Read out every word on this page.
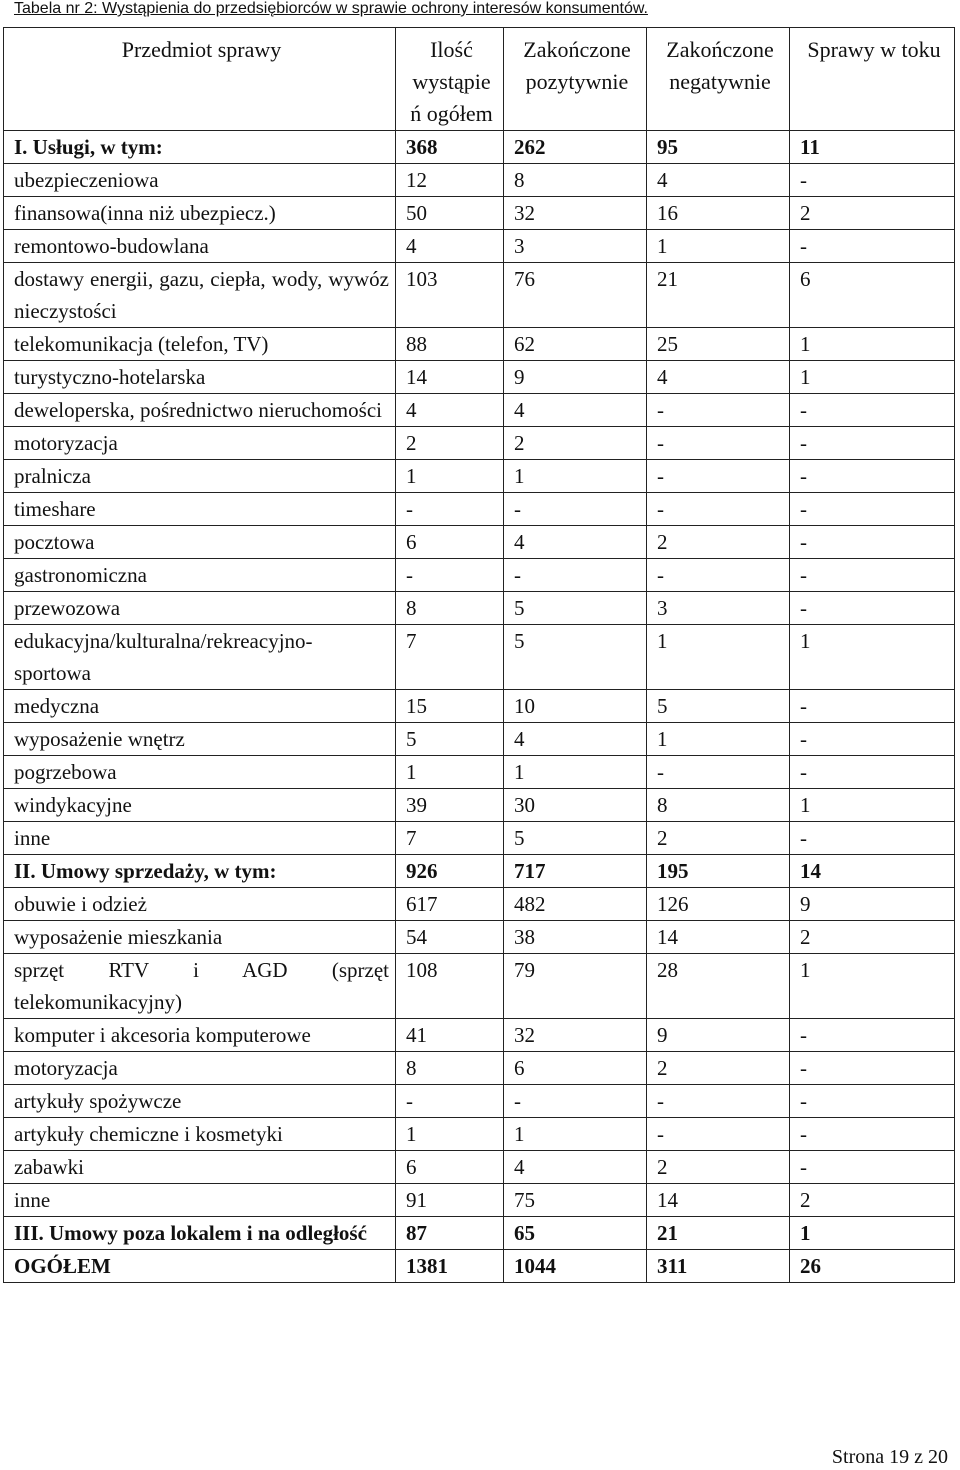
Tabela nr 2: Wystąpienia do przedsiębiorców w sprawie ochrony interesów konsumentów.
Przedmiot sprawy	Ilość wystąpie ń ogółem	Zakończone pozytywnie	Zakończone negatywnie	Sprawy w toku
I. Usługi, w tym:	368	262	95	11
ubezpieczeniowa	12	8	4	-
finansowa(inna niż ubezpiecz.)	50	32	16	2
remontowo-budowlana	4	3	1	-
dostawy energii, gazu, ciepła, wody, wywóz nieczystości	103	76	21	6
telekomunikacja (telefon, TV)	88	62	25	1
turystyczno-hotelarska	14	9	4	1
deweloperska, pośrednictwo nieruchomości	4	4	-	-
motoryzacja	2	2	-	-
pralnicza	1	1	-	-
timeshare	-	-	-	-
pocztowa	6	4	2	-
gastronomiczna	-	-	-	-
przewozowa	8	5	3	-
edukacyjna/kulturalna/rekreacyjno-sportowa	7	5	1	1
medyczna	15	10	5	-
wyposażenie wnętrz	5	4	1	-
pogrzebowa	1	1	-	-
windykacyjne	39	30	8	1
inne	7	5	2	-
II. Umowy sprzedaży, w tym:	926	717	195	14
obuwie i odzież	617	482	126	9
wyposażenie mieszkania	54	38	14	2
sprzęt RTV i AGD (sprzęt telekomunikacyjny)	108	79	28	1
komputer i akcesoria komputerowe	41	32	9	-
motoryzacja	8	6	2	-
artykuły spożywcze	-	-	-	-
artykuły chemiczne i kosmetyki	1	1	-	-
zabawki	6	4	2	-
inne	91	75	14	2
III. Umowy poza lokalem i na odległość	87	65	21	1
OGÓŁEM	1381	1044	311	26
Strona 19 z 20
